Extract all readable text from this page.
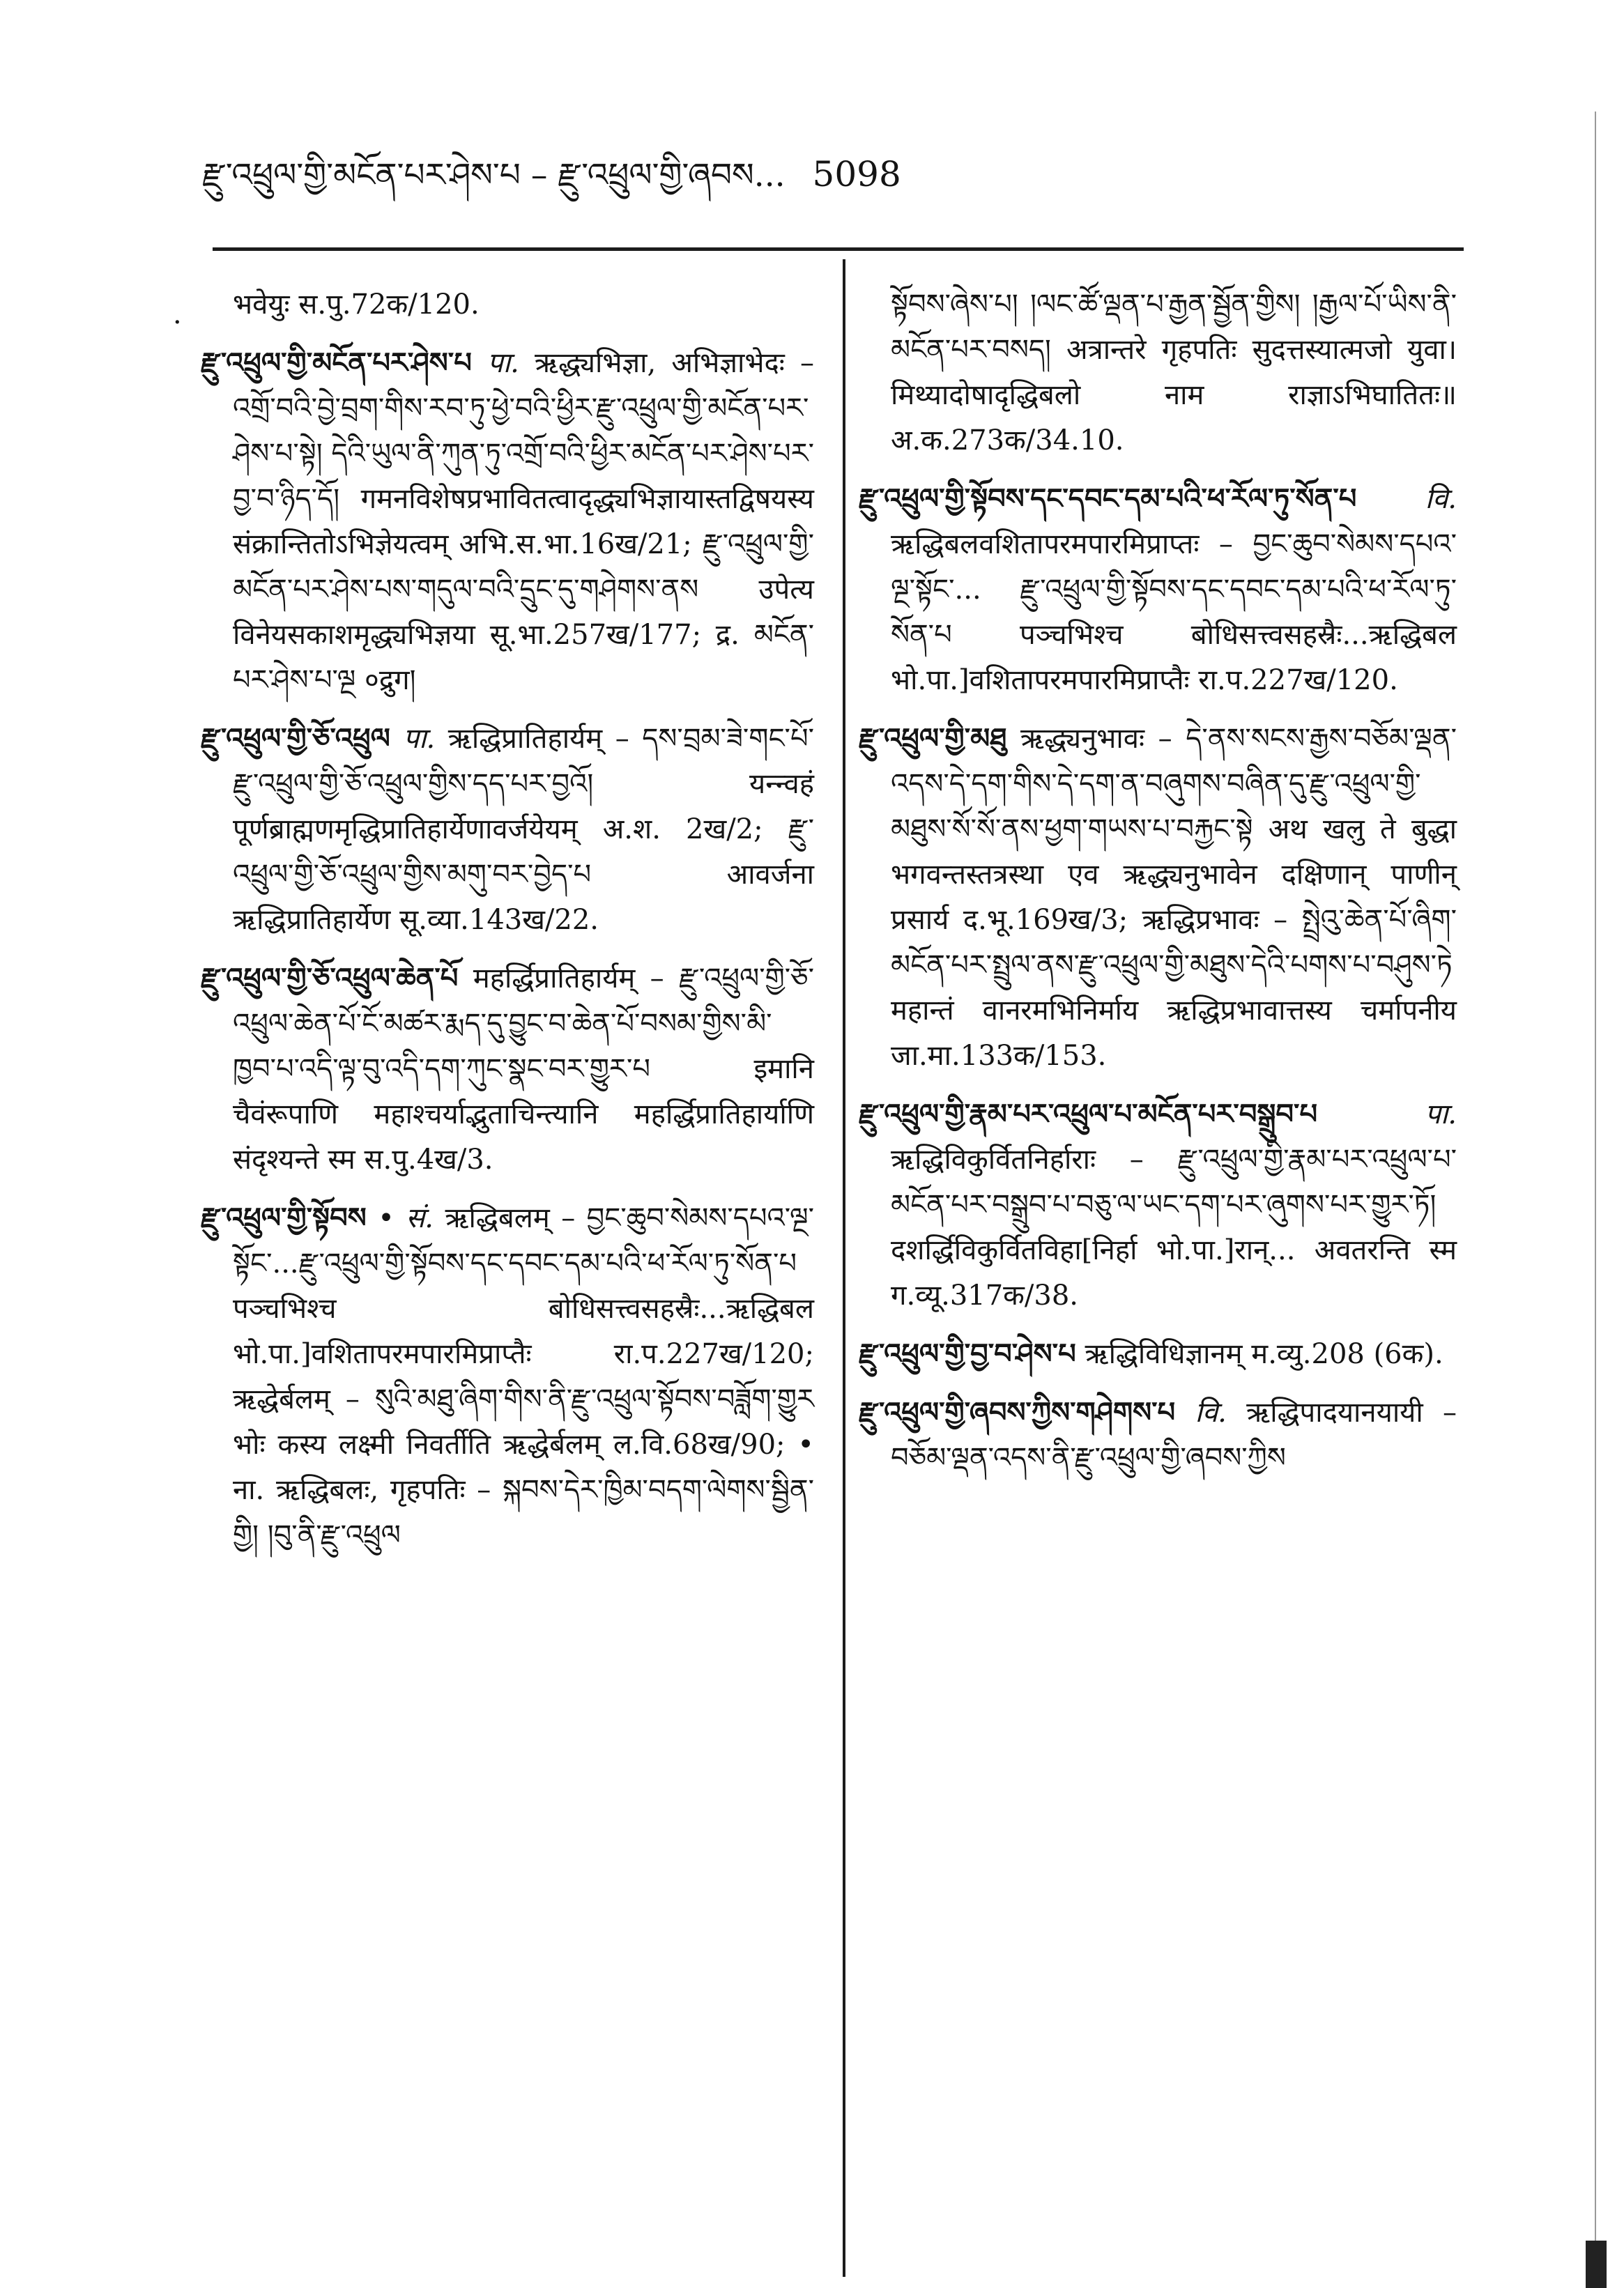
རྫུ་འཕྲུལ་གྱི་མངོན་པར་ཤེས་པ – རྫུ་འཕྲུལ་གྱི་ཞབས... 5098
·

भवेयुः स.पु.72क/120.

རྫུ་འཕྲུལ་གྱི་མངོན་པར་ཤེས་པ पा. ऋद्ध्यभिज्ञा, अभिज्ञाभेदः – འགྲོ་བའི་བྱེ་བྲག་གིས་རབ་ཏུ་ཕྱེ་བའི་ཕྱིར་རྫུ་འཕྲུལ་གྱི་མངོན་པར་ཤེས་པ་སྟེ། དེའི་ཡུལ་ནི་ཀུན་ཏུ་འགྲོ་བའི་ཕྱིར་མངོན་པར་ཤེས་པར་བྱ་བ་ཉིད་དོ། गमनविशेषप्रभावितत्वादृद्ध्यभिज्ञायास्तद्विषयस्य संक्रान्तितोऽभिज्ञेयत्वम् अभि.स.भा.16ख/21; རྫུ་འཕྲུལ་གྱི་མངོན་པར་ཤེས་པས་གདུལ་བའི་དྲུང་དུ་གཤེགས་ནས उपेत्य विनेयसकाशमृद्ध्यभिज्ञया सू.भा.257ख/177; द्र. མངོན་པར་ཤེས་པ་ལྔ ०द्रुग།

རྫུ་འཕྲུལ་གྱི་ཅོ་འཕྲུལ पा. ऋद्धिप्रातिहार्यम् – དས་བྲམ་ཟེ་གང་པོ་རྫུ་འཕྲུལ་གྱི་ཅོ་འཕྲུལ་གྱིས་དད་པར་བྱའོ། यन्न्वहं पूर्णब्राह्मणमृद्धिप्रातिहार्येणावर्जयेयम् अ.श. 2ख/2; རྫུ་འཕྲུལ་གྱི་ཅོ་འཕྲུལ་གྱིས་མགུ་བར་བྱེད་པ आवर्जना ऋद्धिप्रातिहार्येण सू.व्या.143ख/22.

རྫུ་འཕྲུལ་གྱི་ཅོ་འཕྲུལ་ཆེན་པོ महर्द्धिप्रातिहार्यम् – རྫུ་འཕྲུལ་གྱི་ཅོ་འཕྲུལ་ཆེན་པོ་ངོ་མཚར་རྨད་དུ་བྱུང་བ་ཆེན་པོ་བསམ་གྱིས་མི་ཁྱབ་པ་འདི་ལྟ་བུ་འདི་དག་ཀུང་སྣང་བར་གྱུར་པ इमानि चैवंरूपाणि महाश्चर्याद्भुताचिन्त्यानि महर्द्धिप्रातिहार्याणि संदृश्यन्ते स्म स.पु.4ख/3.

རྫུ་འཕྲུལ་གྱི་སྟོབས • सं. ऋद्धिबलम् – བྱང་ཆུབ་སེམས་དཔའ་ལྔ་སྟོང་...རྫུ་འཕྲུལ་གྱི་སྟོབས་དང་དབང་དམ་པའི་ཕ་རོལ་ཏུ་སོན་པ पञ्चभिश्च बोधिसत्त्वसहस्रैः...ऋद्धिबल भो.पा.]वशितापरमपारमिप्राप्तैः रा.प.227ख/120; ऋद्धेर्बलम् – སུའི་མཐུ་ཞིག་གིས་ནི་རྫུ་འཕྲུལ་སྟོབས་བཟློག་གྱུར भोः कस्य लक्ष्मी निवर्तीति ऋद्धेर्बलम् ल.वि.68ख/90; • ना. ऋद्धिबलः, गृहपतिः – སྐབས་དེར་ཁྱིམ་བདག་ལེགས་སྦྱིན་གྱི། །བུ་ནི་རྫུ་འཕྲུལ

སྟོབས་ཞེས་པ། །ལང་ཚོ་ལྡན་པ་རྒྱན་སྦྱོན་གྱིས། །རྒྱལ་པོ་ཡིས་ནི་མངོན་པར་བསད། अत्रान्तरे गृहपतिः सुदत्तस्यात्मजो युवा। मिथ्यादोषादृद्धिबलो नाम राज्ञाऽभिघातितः॥ अ.क.273क/34.10.

རྫུ་འཕྲུལ་གྱི་སྟོབས་དང་དབང་དམ་པའི་ཕ་རོལ་ཏུ་སོན་པ वि. ऋद्धिबलवशितापरमपारमिप्राप्तः – བྱང་ཆུབ་སེམས་དཔའ་ལྔ་སྟོང་... རྫུ་འཕྲུལ་གྱི་སྟོབས་དང་དབང་དམ་པའི་ཕ་རོལ་ཏུ་སོན་པ पञ्चभिश्च बोधिसत्त्वसहस्रैः...ऋद्धिबल भो.पा.]वशितापरमपारमिप्राप्तैः रा.प.227ख/120.

རྫུ་འཕྲུལ་གྱི་མཐུ ऋद्ध्यनुभावः – དེ་ནས་སངས་རྒྱས་བཅོམ་ལྡན་འདས་དེ་དག་གིས་དེ་དག་ན་བཞུགས་བཞིན་དུ་རྫུ་འཕྲུལ་གྱི་མཐུས་སོ་སོ་ནས་ཕྱག་གཡས་པ་བརྐྱང་སྟེ अथ खलु ते बुद्धा भगवन्तस्तत्रस्था एव ऋद्ध्यनुभावेन दक्षिणान् पाणीन् प्रसार्य द.भू.169ख/3; ऋद्धिप्रभावः – སྤྲེའུ་ཆེན་པོ་ཞིག་མངོན་པར་སྤྲུལ་ནས་རྫུ་འཕྲུལ་གྱི་མཐུས་དེའི་པགས་པ་བཤུས་ཏེ महान्तं वानरमभिनिर्माय ऋद्धिप्रभावात्तस्य चर्मापनीय जा.मा.133क/153.

རྫུ་འཕྲུལ་གྱི་རྣམ་པར་འཕྲུལ་པ་མངོན་པར་བསྒྲུབ་པ	पा. ऋद्धिविकुर्वितनिर्हाराः – རྫུ་འཕྲུལ་གྱི་རྣམ་པར་འཕྲུལ་པ་མངོན་པར་བསྒྲུབ་པ་བཅུ་ལ་ཡང་དག་པར་ཞུགས་པར་གྱུར་ཏོ། दशर्द्धिविकुर्वितविहा[निर्हा भो.पा.]रान्... अवतरन्ति स्म ग.व्यू.317क/38.

རྫུ་འཕྲུལ་གྱི་བྱ་བ་ཤེས་པ ऋद्धिविधिज्ञानम् म.व्यु.208 (6क).

རྫུ་འཕྲུལ་གྱི་ཞབས་ཀྱིས་གཤེགས་པ वि. ऋद्धिपादयानयायी – བཅོམ་ལྡན་འདས་ནི་རྫུ་འཕྲུལ་གྱི་ཞབས་ཀྱིས
